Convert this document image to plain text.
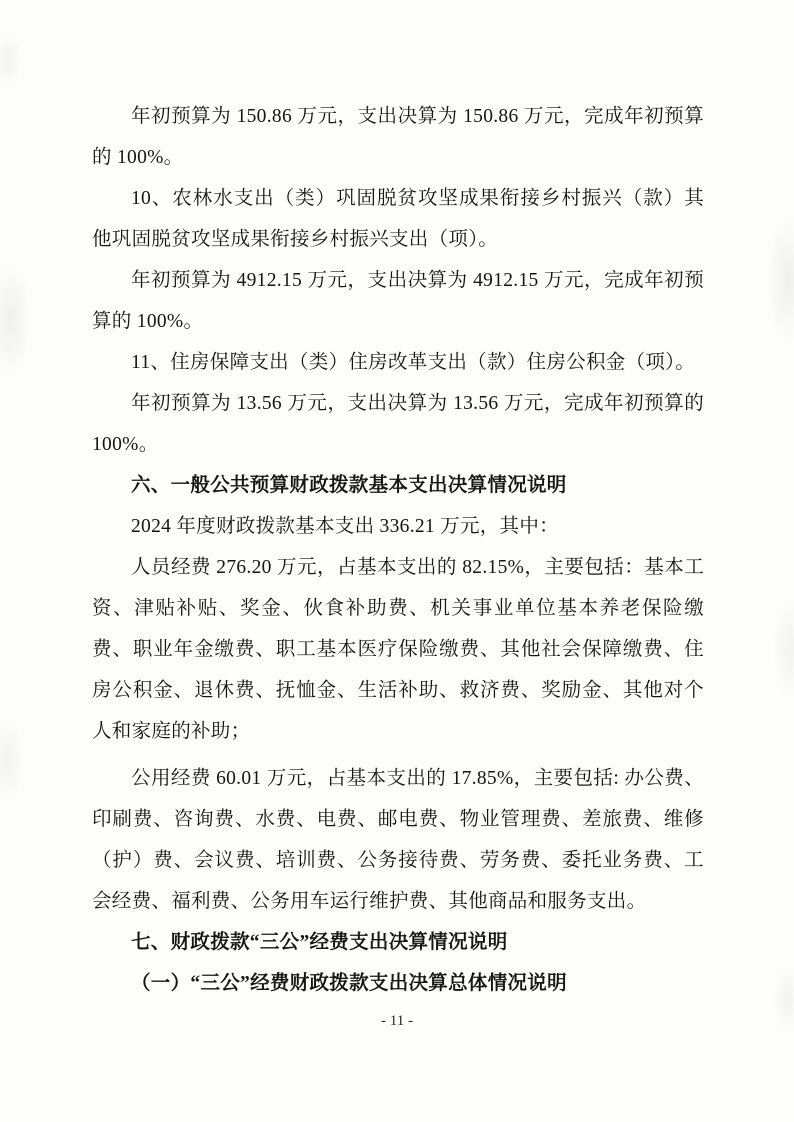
年初预算为 150.86 万元，支出决算为 150.86 万元，完成年初预算的 100%。

10、农林水支出（类）巩固脱贫攻坚成果衔接乡村振兴（款）其他巩固脱贫攻坚成果衔接乡村振兴支出（项）。

年初预算为 4912.15 万元，支出决算为 4912.15 万元，完成年初预算的 100%。

11、住房保障支出（类）住房改革支出（款）住房公积金（项）。

年初预算为 13.56 万元，支出决算为 13.56 万元，完成年初预算的 100%。

六、一般公共预算财政拨款基本支出决算情况说明

2024 年度财政拨款基本支出 336.21 万元，其中：

人员经费 276.20 万元，占基本支出的 82.15%，主要包括：基本工资、津贴补贴、奖金、伙食补助费、机关事业单位基本养老保险缴费、职业年金缴费、职工基本医疗保险缴费、其他社会保障缴费、住房公积金、退休费、抚恤金、生活补助、救济费、奖励金、其他对个人和家庭的补助；

公用经费 60.01 万元，占基本支出的 17.85%，主要包括: 办公费、印刷费、咨询费、水费、电费、邮电费、物业管理费、差旅费、维修（护）费、会议费、培训费、公务接待费、劳务费、委托业务费、工会经费、福利费、公务用车运行维护费、其他商品和服务支出。

七、财政拨款“三公”经费支出决算情况说明

（一）“三公”经费财政拨款支出决算总体情况说明

- 11 -
